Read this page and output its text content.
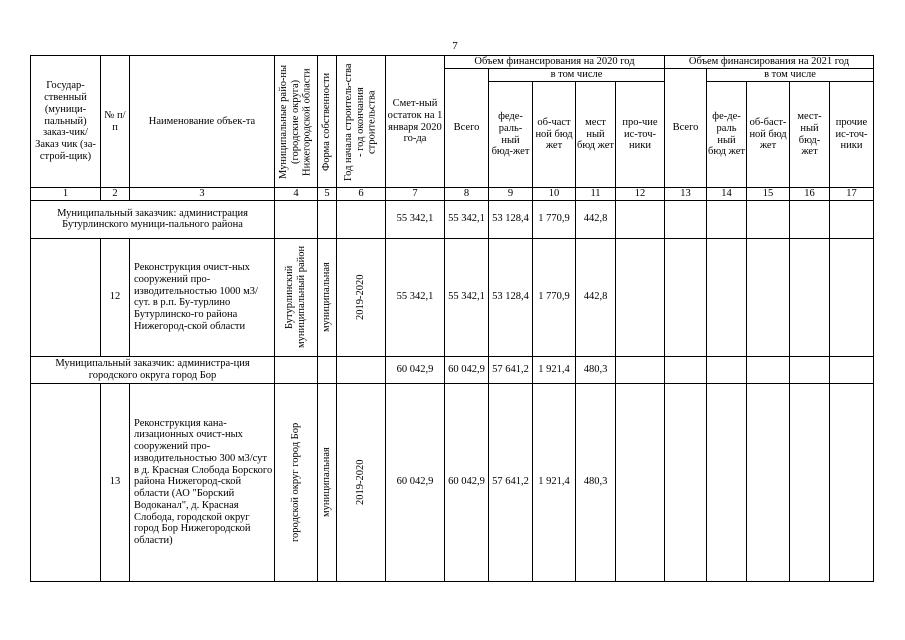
7
Государ-ственный (муници-пальный) заказ-чик/Заказ чик (за-строй-щик)	№ п/п	Наименование объек-та	Муниципальные райо-ны (городские округа) Нижегородской области	Форма собственности	Год начала строитель-ства - год окончания строительства	Смет-ный остаток на 1 января 2020 го-да	Объем финансирования на 2020 год					Объем финансирования на 2021 год				
							Всего	в том числе				Всего	в том числе			
								феде-раль-ный бюд-жет	об-част ной бюд жет	мест ный бюд жет	про-чие ис-точ-ники		фе-де-раль ный бюд жет	об-баст-ной бюд жет	мест-ный бюд-жет	прочие ис-точ-ники
1	2	3	4	5	6	7	8	9	10	11	12	13	14	15	16	17
Муниципальный заказчик: администрация Бутурлинского муници-пального района						55 342,1	55 342,1	53 128,4	1 770,9	442,8						
	12	Реконструкция очист-ных сооружений про-изводительностью 1000 м3/сут. в р.п. Бу-турлино Бутурлинско-го района Нижегород-ской области	Бутурлинский муниципальный район	муниципальная	2019-2020	55 342,1	55 342,1	53 128,4	1 770,9	442,8						
Муниципальный заказчик: администра-ция городского округа город Бор						60 042,9	60 042,9	57 641,2	1 921,4	480,3						
	13	Реконструкция кана-лизационных очист-ных сооружений про-изводительностью 300 м3/сут в д. Красная Слобода Борского района Нижегород-ской области (АО "Борский Водоканал", д. Красная Слобода, городской округ город Бор Нижегородской области)	городской округ город Бор	муниципальная	2019-2020	60 042,9	60 042,9	57 641,2	1 921,4	480,3						
